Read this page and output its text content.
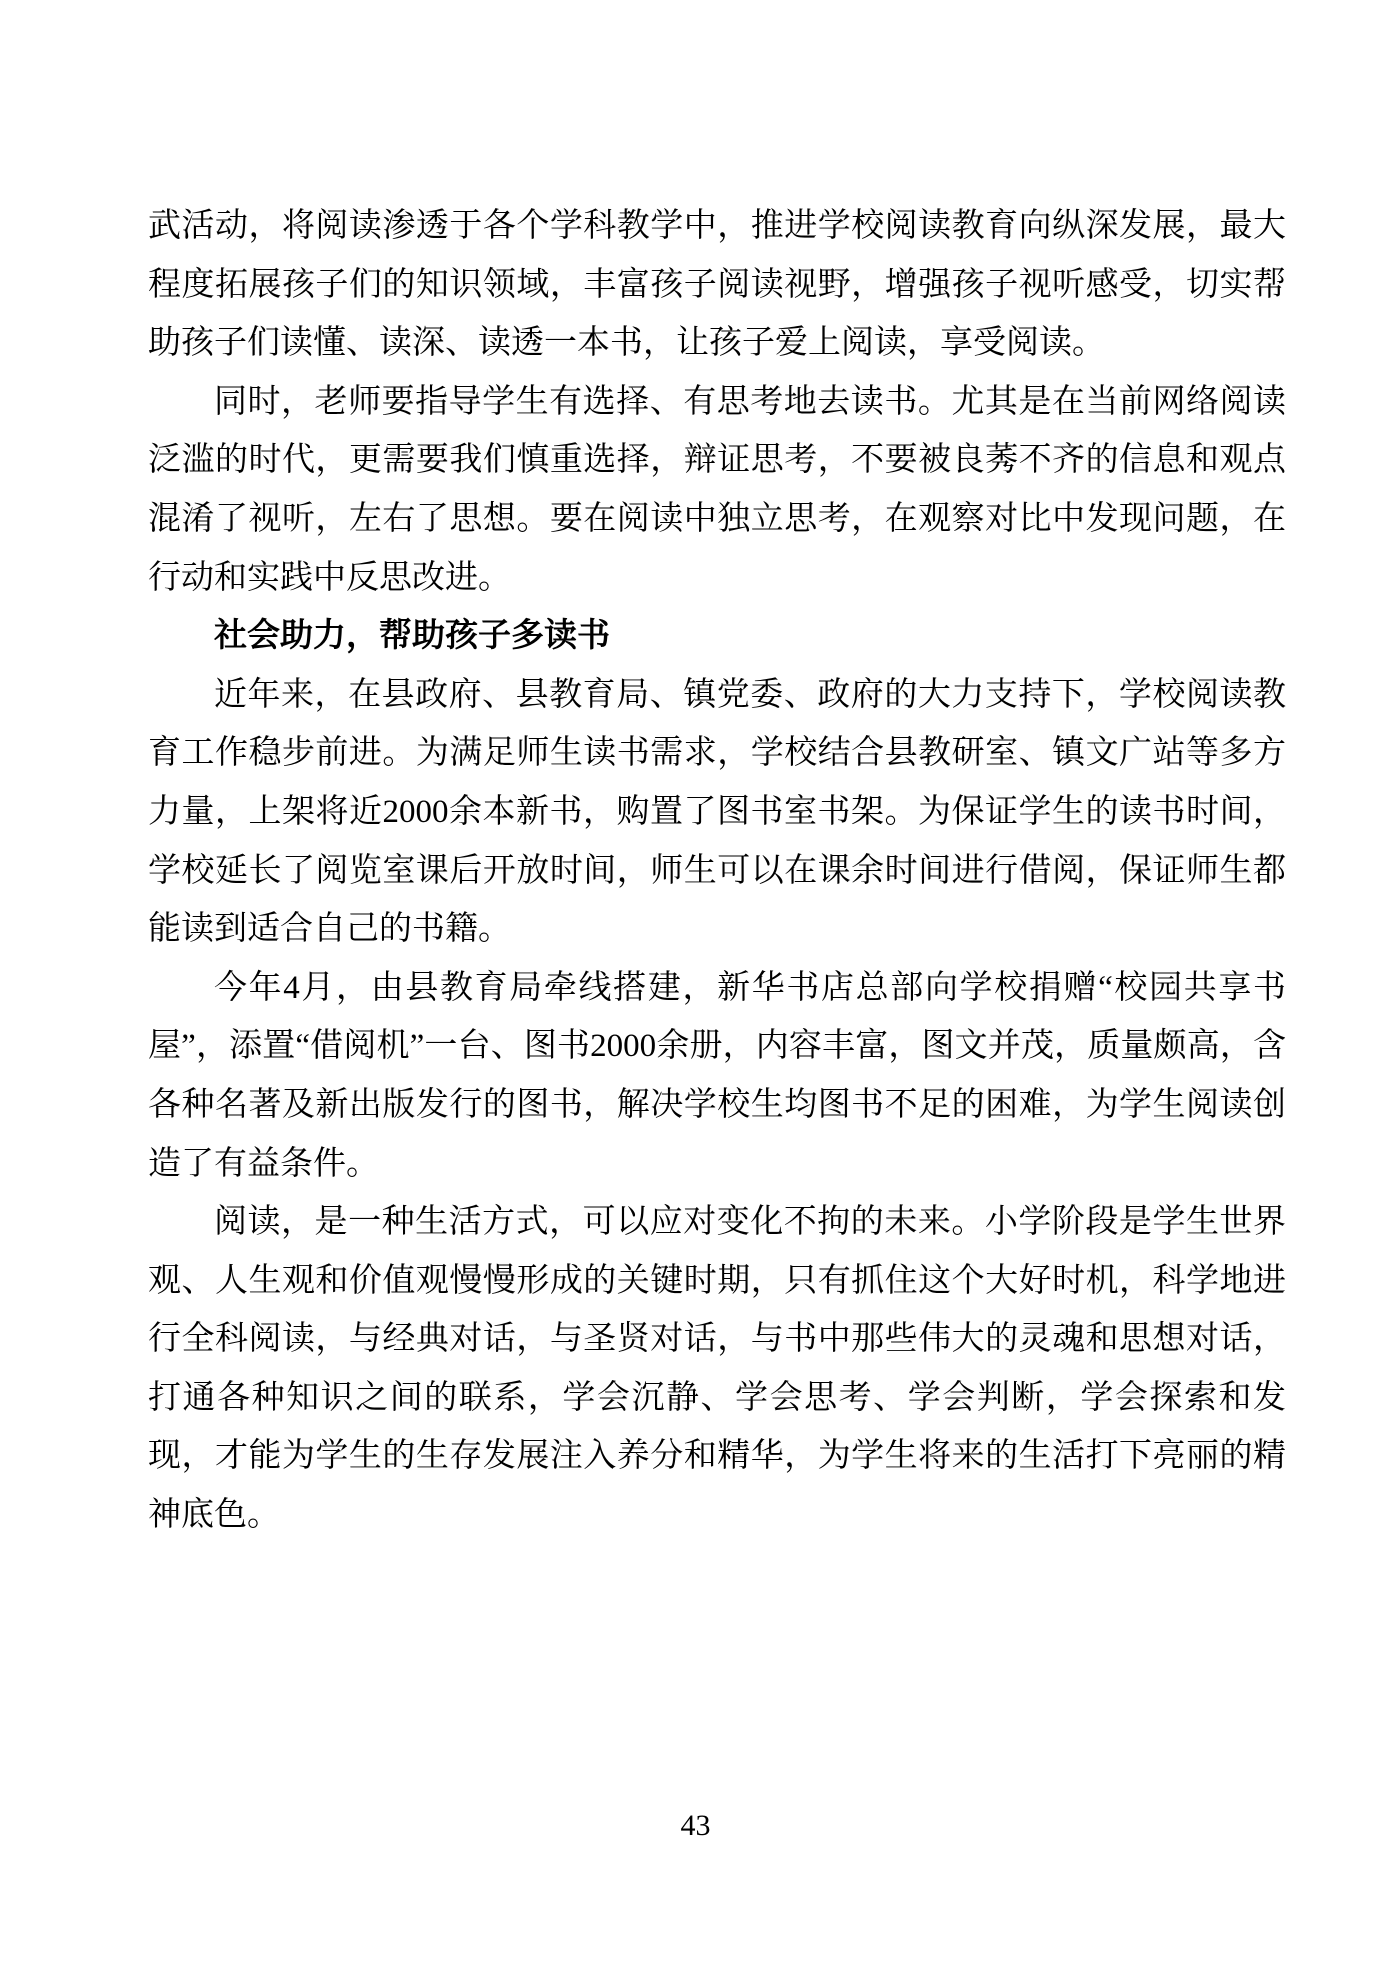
武活动，将阅读渗透于各个学科教学中，推进学校阅读教育向纵深发展，最大程度拓展孩子们的知识领域，丰富孩子阅读视野，增强孩子视听感受，切实帮助孩子们读懂、读深、读透一本书，让孩子爱上阅读，享受阅读。

同时，老师要指导学生有选择、有思考地去读书。尤其是在当前网络阅读泛滥的时代，更需要我们慎重选择，辩证思考，不要被良莠不齐的信息和观点混淆了视听，左右了思想。要在阅读中独立思考，在观察对比中发现问题，在行动和实践中反思改进。

社会助力，帮助孩子多读书

近年来，在县政府、县教育局、镇党委、政府的大力支持下，学校阅读教育工作稳步前进。为满足师生读书需求，学校结合县教研室、镇文广站等多方力量，上架将近2000余本新书，购置了图书室书架。为保证学生的读书时间，学校延长了阅览室课后开放时间，师生可以在课余时间进行借阅，保证师生都能读到适合自己的书籍。

今年4月，由县教育局牵线搭建，新华书店总部向学校捐赠“校园共享书屋”，添置“借阅机”一台、图书2000余册，内容丰富，图文并茂，质量颇高，含各种名著及新出版发行的图书，解决学校生均图书不足的困难，为学生阅读创造了有益条件。

阅读，是一种生活方式，可以应对变化不拘的未来。小学阶段是学生世界观、人生观和价值观慢慢形成的关键时期，只有抓住这个大好时机，科学地进行全科阅读，与经典对话，与圣贤对话，与书中那些伟大的灵魂和思想对话，打通各种知识之间的联系，学会沉静、学会思考、学会判断，学会探索和发现，才能为学生的生存发展注入养分和精华，为学生将来的生活打下亮丽的精神底色。

43
